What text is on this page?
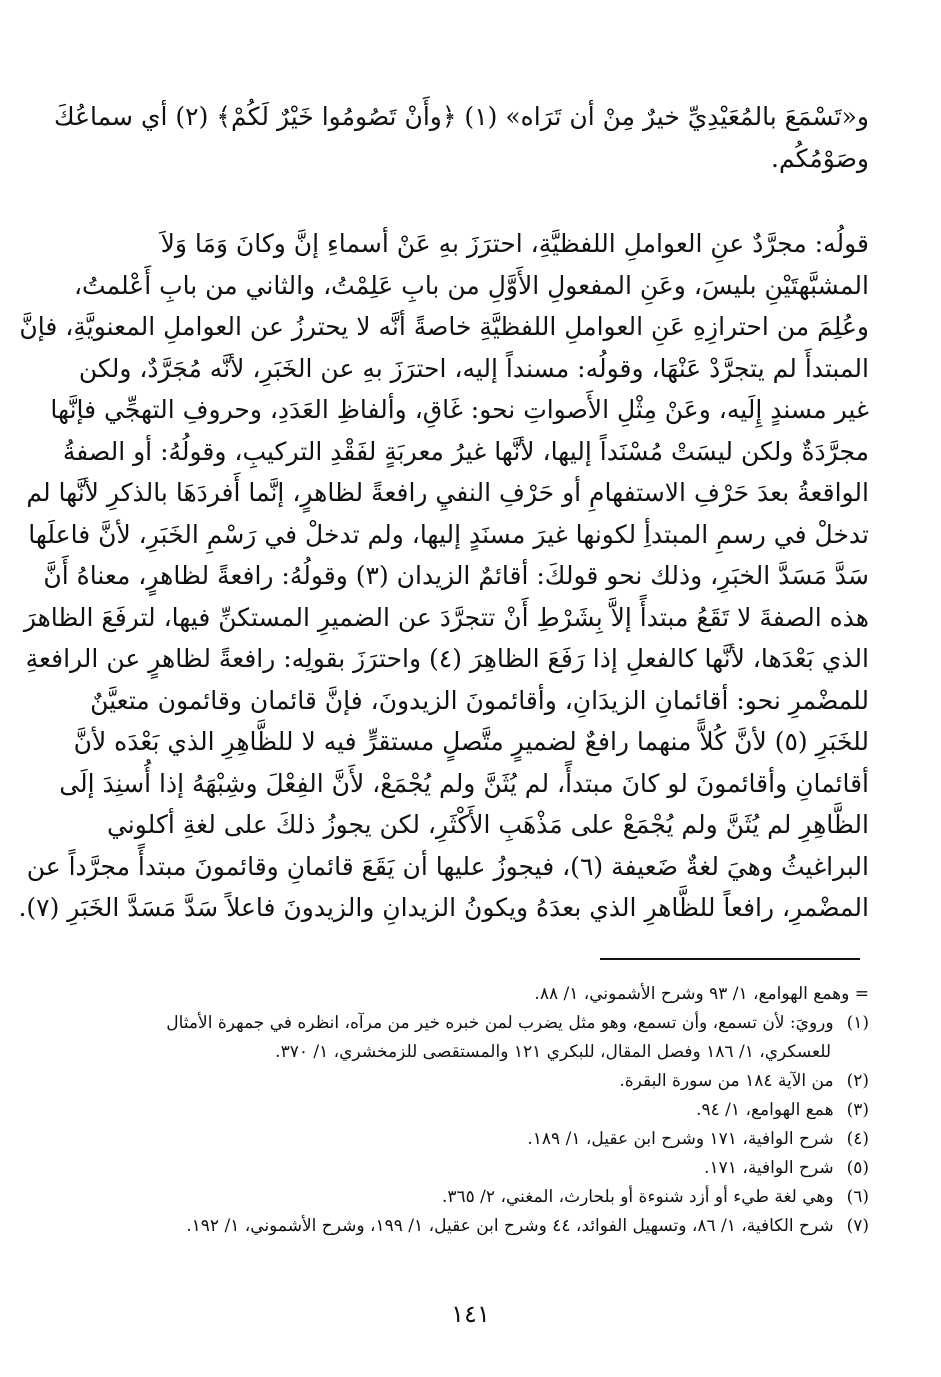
و«تَسْمَعَ بالمُعَيْدِيِّ خيرٌ مِنْ أن تَرَاه» (١) ﴿وأَنْ تَصُومُوا خَيْرٌ لَكُمْ﴾ (٢) أي سماعُكَ
وصَوْمُكُم.
قولُه: مجرَّدٌ عنِ العواملِ اللفظيَّةِ، احترَزَ بهِ عَنْ أسماءِ إنَّ وكانَ وَمَا وَلاَ
المشبَّهتَيْنِ بليسَ، وعَنِ المفعولِ الأَوَّلِ من بابِ عَلِمْتُ، والثاني من بابِ أَعْلمتُ،
وعُلِمَ من احترازِهِ عَنِ العواملِ اللفظيَّةِ خاصةً أنَّه لا يحترزُ عن العواملِ المعنويَّةِ، فإنَّ
المبتدأَ لم يتجرَّدْ عَنْهَا، وقولُه: مسنداً إليه، احترَزَ بهِ عن الخَبَرِ، لأنَّه مُجَرَّدٌ، ولكن
غير مسندٍ إِلَيه، وعَنْ مِثْلِ الأَصواتِ نحو: غَاقِ، وألفاظِ العَدَدِ، وحروفِ التهجِّي فإنَّها
مجرَّدَةٌ ولكن ليسَتْ مُسْنَداً إليها، لأنَّها غيرُ معربَةٍ لفَقْدِ التركيبِ، وقولُهُ: أو الصفةُ
الواقعةُ بعدَ حَرْفِ الاستفهامِ أو حَرْفِ النفيِ رافعةً لظاهرٍ، إنَّما أَفردَهَا بالذكرِ لأنَّها لم
تدخلْ في رسمِ المبتدأِ لكونها غيرَ مسنَدٍ إليها، ولم تدخلْ في رَسْمِ الخَبَرِ، لأنَّ فاعلَها
سَدَّ مَسَدَّ الخبَرِ، وذلك نحو قولكَ: أقائمٌ الزيدان (٣) وقولُهُ: رافعةً لظاهرٍ، معناهُ أَنَّ
هذه الصفةَ لا تَقَعُ مبتدأً إلاَّ بِشَرْطِ أَنْ تتجرَّدَ عن الضميرِ المستكنِّ فيها، لترفَعَ الظاهرَ
الذي بَعْدَها، لأنَّها كالفعلِ إذا رَفَعَ الظاهِرَ (٤) واحترَزَ بقولِه: رافعةً لظاهرٍ عن الرافعةِ
للمضْمرِ نحو: أقائمانِ الزيدَانِ، وأقائمونَ الزيدونَ، فإنَّ قائمان وقائمون متعيَّنٌ
للخَبَرِ (٥) لأنَّ كُلاًّ منهما رافعٌ لضميرٍ متَّصلٍ مستقرٍّ فيه لا للظَّاهِرِ الذي بَعْدَه لأنَّ
أقائمانِ وأقائمونَ لو كانَ مبتدأً، لم يُثَنَّ ولم يُجْمَعْ، لأَنَّ الفِعْلَ وشِبْهَهُ إذا أُسنِدَ إلَى
الظَّاهِرِ لم يُثَنَّ ولم يُجْمَعْ على مَذْهَبِ الأَكْثَرِ، لكن يجوزُ ذلكَ على لغةِ أكلوني
البراغيثُ وهيَ لغةٌ ضَعيفة (٦)، فيجوزُ عليها أن يَقَعَ قائمانِ وقائمونَ مبتدأً مجرَّداً عن
المضْمرِ، رافعاً للظَّاهرِ الذي بعدَهُ ويكونُ الزيدانِ والزيدونَ فاعلاً سَدَّ مَسَدَّ الخَبَرِ (٧).
= وهمع الهوامع، ١/ ٩٣ وشرح الأشموني، ١/ ٨٨.
(١) ورويَ: لأن تسمع، وأن تسمع، وهو مثل يضرب لمن خبره خير من مرآه، انظره في جمهرة الأمثال
للعسكري، ١/ ١٨٦ وفصل المقال، للبكري ١٢١ والمستقصى للزمخشري، ١/ ٣٧٠.
(٢) من الآية ١٨٤ من سورة البقرة.
(٣) همع الهوامع، ١/ ٩٤.
(٤) شرح الوافية، ١٧١ وشرح ابن عقيل، ١/ ١٨٩.
(٥) شرح الوافية، ١٧١.
(٦) وهي لغة طيء أو أزد شنوءة أو بلحارث، المغني، ٢/ ٣٦٥.
(٧) شرح الكافية، ١/ ٨٦، وتسهيل الفوائد، ٤٤ وشرح ابن عقيل، ١/ ١٩٩، وشرح الأشموني، ١/ ١٩٢.
١٤١
